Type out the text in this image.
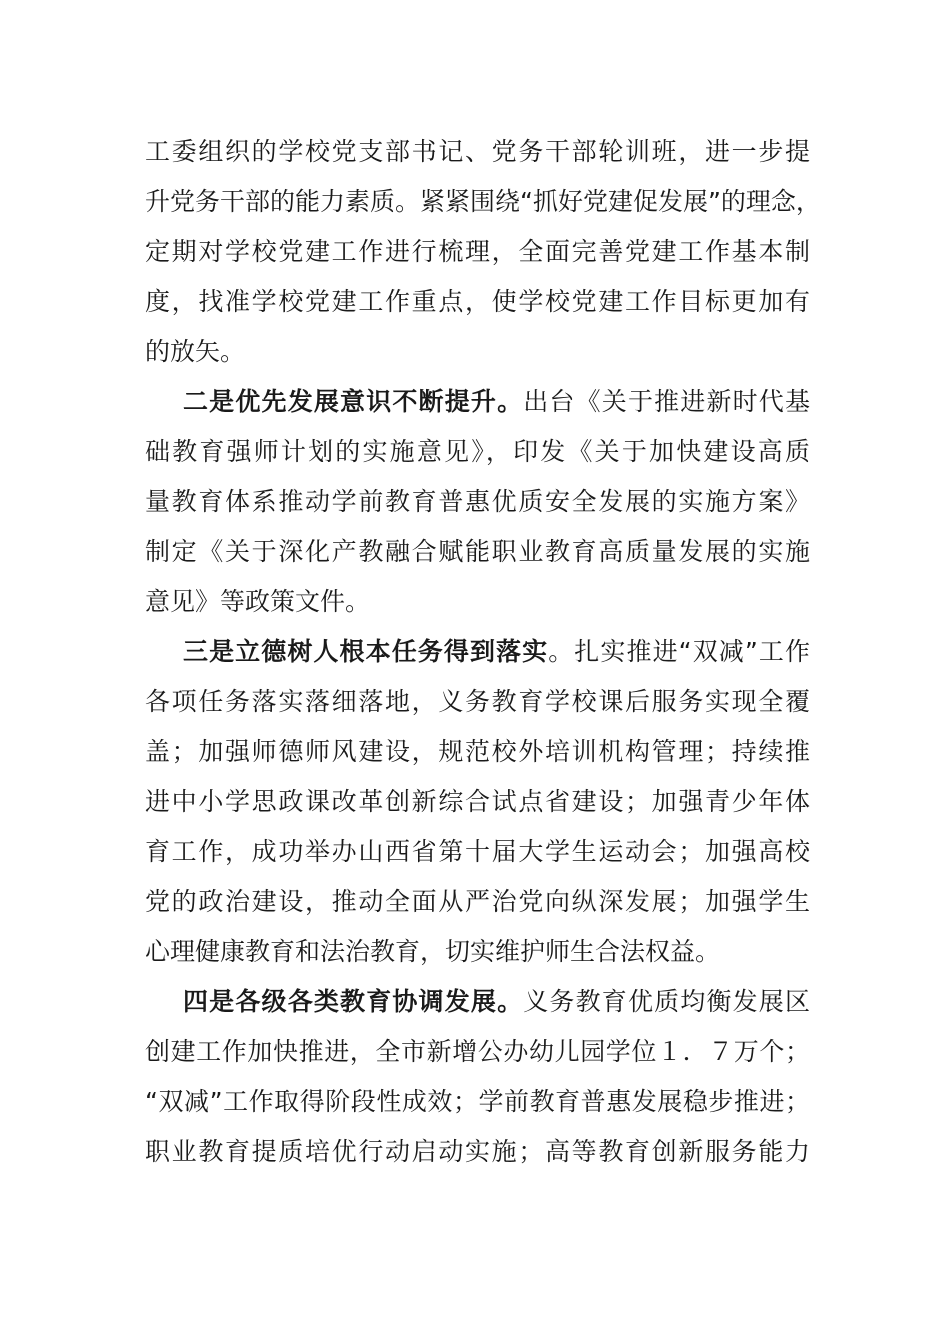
工委组织的学校党支部书记、党务干部轮训班，进一步提
升党务干部的能力素质。紧紧围绕“抓好党建促发展”的理念，
定期对学校党建工作进行梳理，全面完善党建工作基本制
度，找准学校党建工作重点，使学校党建工作目标更加有
的放矢。
二是优先发展意识不断提升。出台《关于推进新时代基
础教育强师计划的实施意见》，印发《关于加快建设高质
量教育体系推动学前教育普惠优质安全发展的实施方案》
制定《关于深化产教融合赋能职业教育高质量发展的实施
意见》等政策文件。
三是立德树人根本任务得到落实。扎实推进“双减”工作
各项任务落实落细落地，义务教育学校课后服务实现全覆
盖；加强师德师风建设，规范校外培训机构管理；持续推
进中小学思政课改革创新综合试点省建设；加强青少年体
育工作，成功举办山西省第十届大学生运动会；加强高校
党的政治建设，推动全面从严治党向纵深发展；加强学生
心理健康教育和法治教育，切实维护师生合法权益。
四是各级各类教育协调发展。义务教育优质均衡发展区
创建工作加快推进，全市新增公办幼儿园学位１．７万个；
“双减”工作取得阶段性成效；学前教育普惠发展稳步推进；
职业教育提质培优行动启动实施；高等教育创新服务能力
